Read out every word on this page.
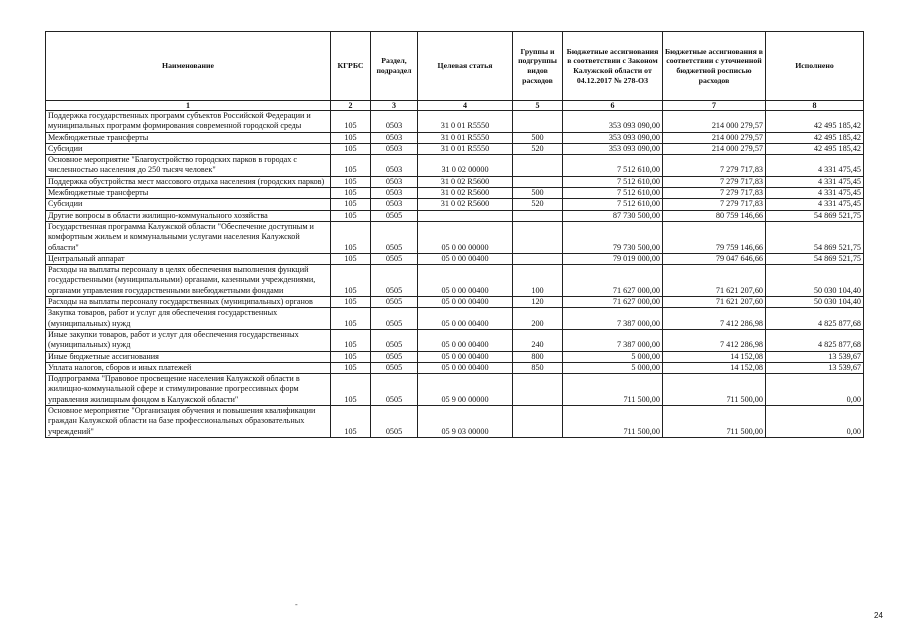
Наименование	КГРБС	Раздел, подраздел	Целевая статья	Группы и подгруппы видов расходов	Бюджетные ассигнования в соответствии с Законом Калужской области от 04.12.2017 № 278-ОЗ	Бюджетные ассигнования в соответствии с уточненной бюджетной росписью расходов	Исполнено
1	2	3	4	5	6	7	8
Поддержка государственных программ субъектов Российской Федерации и муниципальных программ формирования современной городской среды	105	0503	31 0 01 R5550		353 093 090,00	214 000 279,57	42 495 185,42
Межбюджетные трансферты	105	0503	31 0 01 R5550	500	353 093 090,00	214 000 279,57	42 495 185,42
Субсидии	105	0503	31 0 01 R5550	520	353 093 090,00	214 000 279,57	42 495 185,42
Основное мероприятие "Благоустройство городских парков в городах с численностью населения до 250 тысяч человек"	105	0503	31 0 02 00000		7 512 610,00	7 279 717,83	4 331 475,45
Поддержка обустройства мест массового отдыха населения (городских парков)	105	0503	31 0 02 R5600		7 512 610,00	7 279 717,83	4 331 475,45
Межбюджетные трансферты	105	0503	31 0 02 R5600	500	7 512 610,00	7 279 717,83	4 331 475,45
Субсидии	105	0503	31 0 02 R5600	520	7 512 610,00	7 279 717,83	4 331 475,45
Другие вопросы в области жилищно-коммунального хозяйства	105	0505			87 730 500,00	80 759 146,66	54 869 521,75
Государственная программа Калужской области "Обеспечение доступным и комфортным жильем и коммунальными услугами населения Калужской области"	105	0505	05 0 00 00000		79 730 500,00	79 759 146,66	54 869 521,75
Центральный аппарат	105	0505	05 0 00 00400		79 019 000,00	79 047 646,66	54 869 521,75
Расходы на выплаты персоналу в целях обеспечения выполнения функций государственными (муниципальными) органами, казенными учреждениями, органами управления государственными внебюджетными фондами	105	0505	05 0 00 00400	100	71 627 000,00	71 621 207,60	50 030 104,40
Расходы на выплаты персоналу государственных (муниципальных) органов	105	0505	05 0 00 00400	120	71 627 000,00	71 621 207,60	50 030 104,40
Закупка товаров, работ и услуг для обеспечения государственных (муниципальных) нужд	105	0505	05 0 00 00400	200	7 387 000,00	7 412 286,98	4 825 877,68
Иные закупки товаров, работ и услуг для обеспечения государственных (муниципальных) нужд	105	0505	05 0 00 00400	240	7 387 000,00	7 412 286,98	4 825 877,68
Иные бюджетные ассигнования	105	0505	05 0 00 00400	800	5 000,00	14 152,08	13 539,67
Уплата налогов, сборов и иных платежей	105	0505	05 0 00 00400	850	5 000,00	14 152,08	13 539,67
Подпрограмма "Правовое просвещение населения Калужской области в жилищно-коммунальной сфере и стимулирование прогрессивных форм управления жилищным фондом в Калужской области"	105	0505	05 9 00 00000		711 500,00	711 500,00	0,00
Основное мероприятие "Организация обучения и повышения квалификации граждан Калужской области на базе профессиональных образовательных учреждений"	105	0505	05 9 03 00000		711 500,00	711 500,00	0,00
-
24
